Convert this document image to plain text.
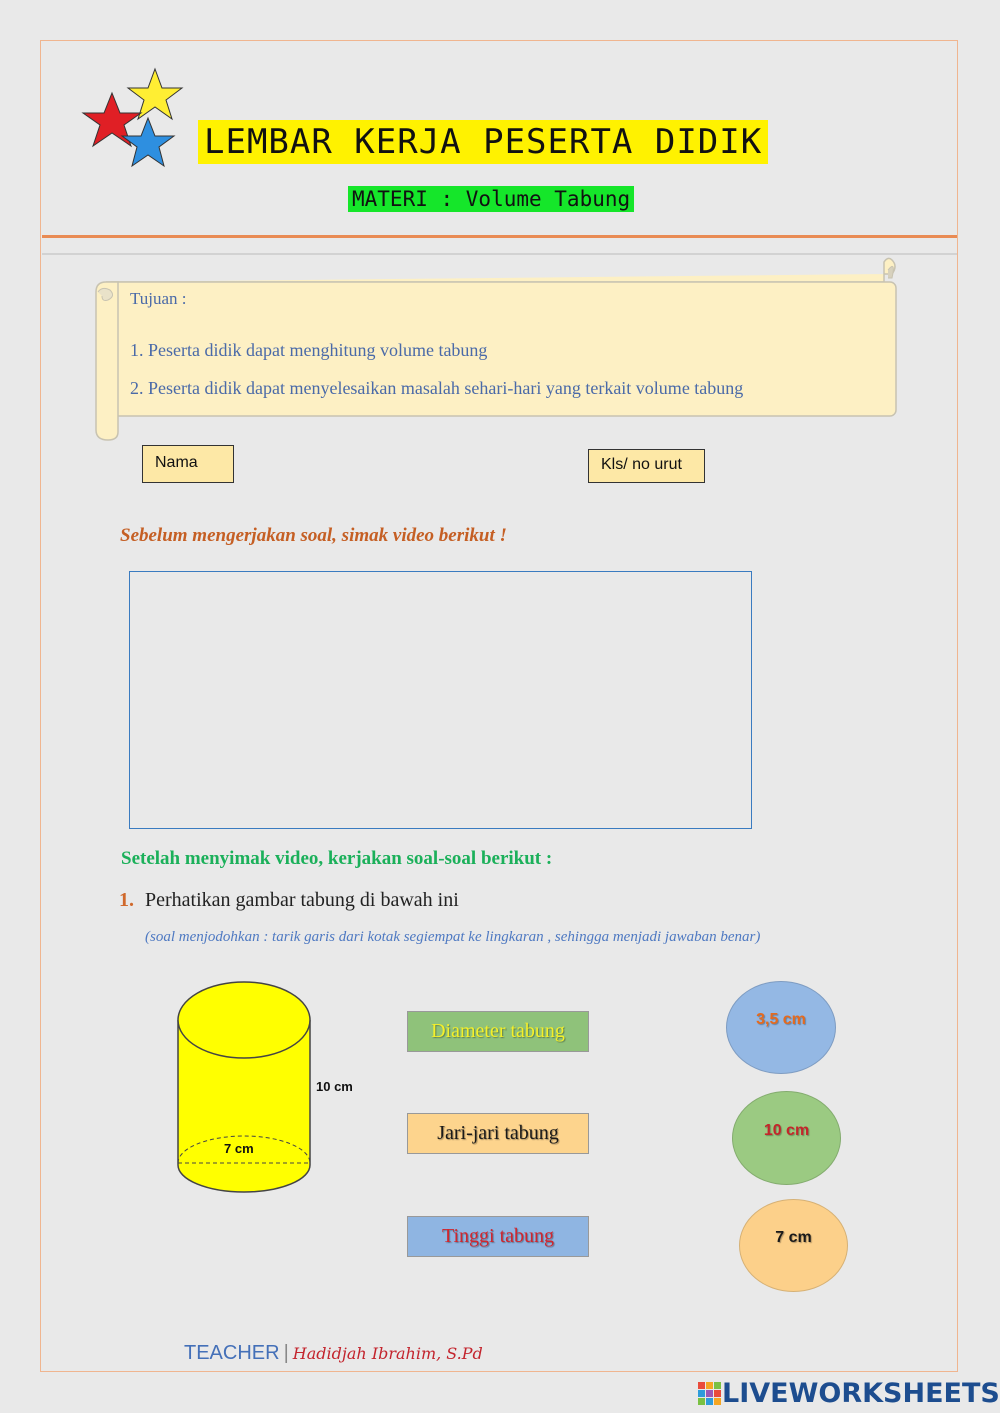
LEMBAR KERJA PESERTA DIDIK
MATERI : Volume Tabung
Tujuan :
1. Peserta didik dapat menghitung volume tabung
2. Peserta didik dapat menyelesaikan masalah sehari-hari yang terkait volume tabung
Nama	Kls/ no urut
Sebelum mengerjakan soal, simak video berikut !
Setelah menyimak video, kerjakan soal-soal berikut :
1. Perhatikan gambar tabung di bawah ini
(soal menjodohkan : tarik garis dari kotak segiempat ke lingkaran , sehingga menjadi jawaban benar)
10 cm
7 cm
Diameter tabung
Jari-jari tabung
Tinggi tabung
3,5 cm
10 cm
7 cm
TEACHER | Hadidjah Ibrahim, S.Pd
LIVEWORKSHEETS
